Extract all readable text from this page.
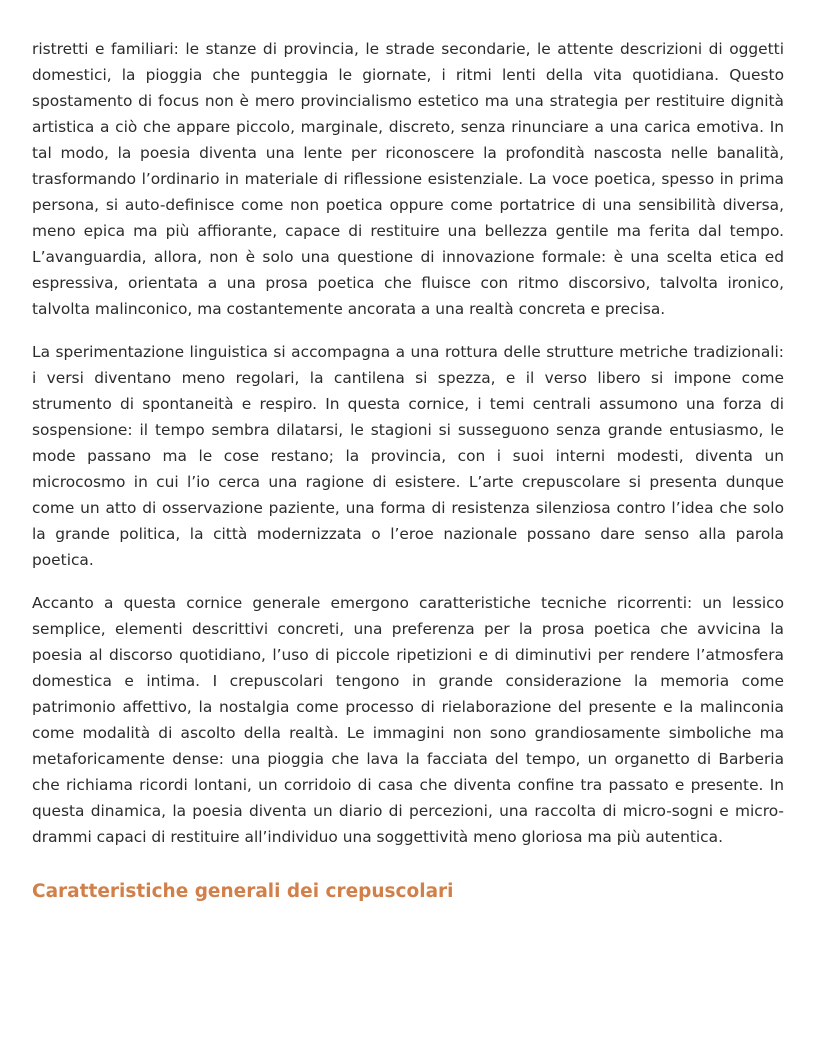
ristretti e familiari: le stanze di provincia, le strade secondarie, le attente descrizioni di oggetti domestici, la pioggia che punteggia le giornate, i ritmi lenti della vita quotidiana. Questo spostamento di focus non è mero provincialismo estetico ma una strategia per restituire dignità artistica a ciò che appare piccolo, marginale, discreto, senza rinunciare a una carica emotiva. In tal modo, la poesia diventa una lente per riconoscere la profondità nascosta nelle banalità, trasformando l’ordinario in materiale di riflessione esistenziale. La voce poetica, spesso in prima persona, si auto-definisce come non poetica oppure come portatrice di una sensibilità diversa, meno epica ma più affiorante, capace di restituire una bellezza gentile ma ferita dal tempo. L’avanguardia, allora, non è solo una questione di innovazione formale: è una scelta etica ed espressiva, orientata a una prosa poetica che fluisce con ritmo discorsivo, talvolta ironico, talvolta malinconico, ma costantemente ancorata a una realtà concreta e precisa.

La sperimentazione linguistica si accompagna a una rottura delle strutture metriche tradizionali: i versi diventano meno regolari, la cantilena si spezza, e il verso libero si impone come strumento di spontaneità e respiro. In questa cornice, i temi centrali assumono una forza di sospensione: il tempo sembra dilatarsi, le stagioni si susseguono senza grande entusiasmo, le mode passano ma le cose restano; la provincia, con i suoi interni modesti, diventa un microcosmo in cui l’io cerca una ragione di esistere. L’arte crepuscolare si presenta dunque come un atto di osservazione paziente, una forma di resistenza silenziosa contro l’idea che solo la grande politica, la città modernizzata o l’eroe nazionale possano dare senso alla parola poetica.

Accanto a questa cornice generale emergono caratteristiche tecniche ricorrenti: un lessico semplice, elementi descrittivi concreti, una preferenza per la prosa poetica che avvicina la poesia al discorso quotidiano, l’uso di piccole ripetizioni e di diminutivi per rendere l’atmosfera domestica e intima. I crepuscolari tengono in grande considerazione la memoria come patrimonio affettivo, la nostalgia come processo di rielaborazione del presente e la malinconia come modalità di ascolto della realtà. Le immagini non sono grandiosamente simboliche ma metaforicamente dense: una pioggia che lava la facciata del tempo, un organetto di Barberia che richiama ricordi lontani, un corridoio di casa che diventa confine tra passato e presente. In questa dinamica, la poesia diventa un diario di percezioni, una raccolta di micro-sogni e micro-drammi capaci di restituire all’individuo una soggettività meno gloriosa ma più autentica.

Caratteristiche generali dei crepuscolari
